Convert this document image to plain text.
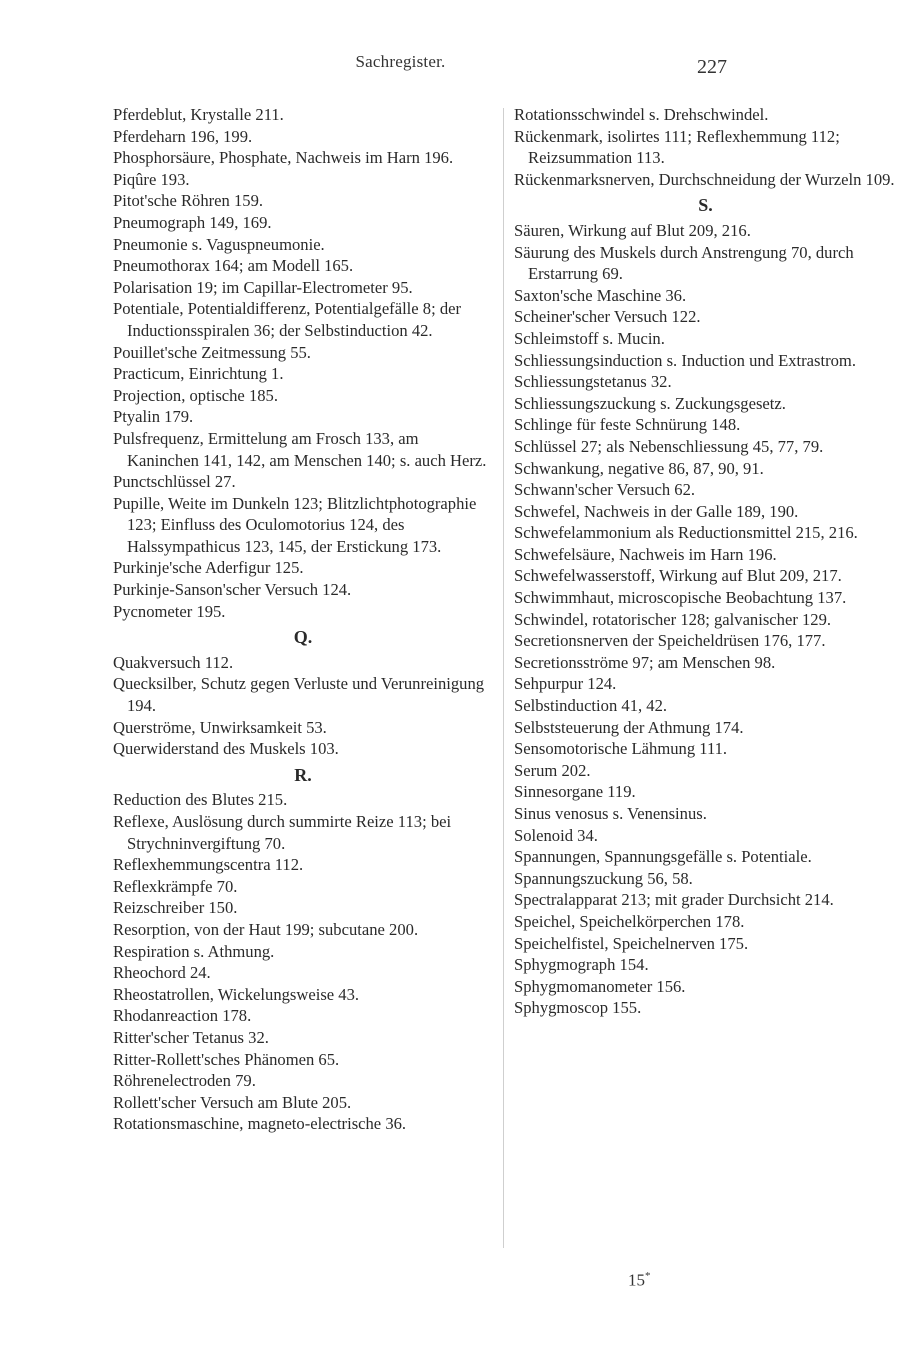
Sachregister.	227

Pferdeblut, Krystalle 211.

Pferdeharn 196, 199.

Phosphorsäure, Phosphate, Nachweis im Harn 196.

Piqûre 193.

Pitot'sche Röhren 159.

Pneumograph 149, 169.

Pneumonie s. Vaguspneumonie.

Pneumothorax 164; am Modell 165.

Polarisation 19; im Capillar-Electrometer 95.

Potentiale, Potentialdifferenz, Potentialgefälle 8; der Inductionsspiralen 36; der Selbstinduction 42.

Pouillet'sche Zeitmessung 55.

Practicum, Einrichtung 1.

Projection, optische 185.

Ptyalin 179.

Pulsfrequenz, Ermittelung am Frosch 133, am Kaninchen 141, 142, am Menschen 140; s. auch Herz.

Punctschlüssel 27.

Pupille, Weite im Dunkeln 123; Blitzlichtphotographie 123; Einfluss des Oculomotorius 124, des Halssympathicus 123, 145, der Erstickung 173.

Purkinje'sche Aderfigur 125.

Purkinje-Sanson'scher Versuch 124.

Pycnometer 195.

Q.

Quakversuch 112.

Quecksilber, Schutz gegen Verluste und Verunreinigung 194.

Querströme, Unwirksamkeit 53.

Querwiderstand des Muskels 103.

R.

Reduction des Blutes 215.

Reflexe, Auslösung durch summirte Reize 113; bei Strychninvergiftung 70.

Reflexhemmungscentra 112.

Reflexkrämpfe 70.

Reizschreiber 150.

Resorption, von der Haut 199; subcutane 200.

Respiration s. Athmung.

Rheochord 24.

Rheostatrollen, Wickelungsweise 43.

Rhodanreaction 178.

Ritter'scher Tetanus 32.

Ritter-Rollett'sches Phänomen 65.

Röhrenelectroden 79.

Rollett'scher Versuch am Blute 205.

Rotationsmaschine, magneto-electrische 36.

Rotationsschwindel s. Drehschwindel.

Rückenmark, isolirtes 111; Reflexhemmung 112; Reizsummation 113.

Rückenmarksnerven, Durchschneidung der Wurzeln 109.

S.

Säuren, Wirkung auf Blut 209, 216.

Säurung des Muskels durch Anstrengung 70, durch Erstarrung 69.

Saxton'sche Maschine 36.

Scheiner'scher Versuch 122.

Schleimstoff s. Mucin.

Schliessungsinduction s. Induction und Extrastrom.

Schliessungstetanus 32.

Schliessungszuckung s. Zuckungsgesetz.

Schlinge für feste Schnürung 148.

Schlüssel 27; als Nebenschliessung 45, 77, 79.

Schwankung, negative 86, 87, 90, 91.

Schwann'scher Versuch 62.

Schwefel, Nachweis in der Galle 189, 190.

Schwefelammonium als Reductionsmittel 215, 216.

Schwefelsäure, Nachweis im Harn 196.

Schwefelwasserstoff, Wirkung auf Blut 209, 217.

Schwimmhaut, microscopische Beobachtung 137.

Schwindel, rotatorischer 128; galvanischer 129.

Secretionsnerven der Speicheldrüsen 176, 177.

Secretionsströme 97; am Menschen 98.

Sehpurpur 124.

Selbstinduction 41, 42.

Selbststeuerung der Athmung 174.

Sensomotorische Lähmung 111.

Serum 202.

Sinnesorgane 119.

Sinus venosus s. Venensinus.

Solenoid 34.

Spannungen, Spannungsgefälle s. Potentiale.

Spannungszuckung 56, 58.

Spectralapparat 213; mit grader Durchsicht 214.

Speichel, Speichelkörperchen 178.

Speichelfistel, Speichelnerven 175.

Sphygmograph 154.

Sphygmomanometer 156.

Sphygmoscop 155.

15*
